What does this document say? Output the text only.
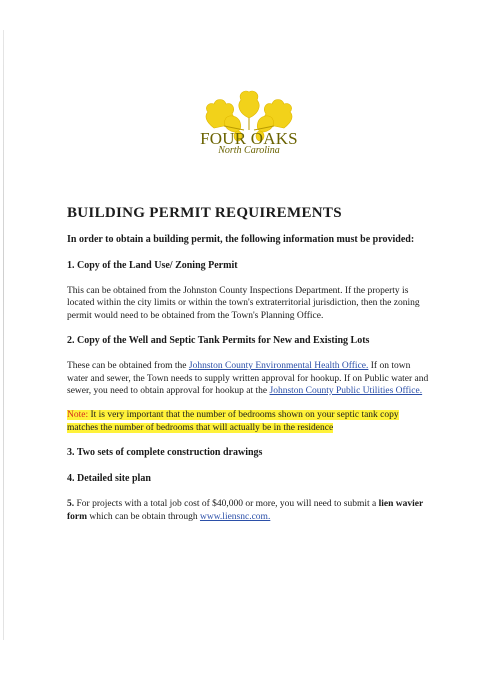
FOUR OAKS
North Carolina
BUILDING PERMIT REQUIREMENTS
In order to obtain a building permit, the following information must be provided:
1. Copy of the Land Use/ Zoning Permit
This can be obtained from the Johnston County Inspections Department. If the property is located within the city limits or within the town's extraterritorial jurisdiction, then the zoning permit would need to be obtained from the Town's Planning Office.
2. Copy of the Well and Septic Tank Permits for New and Existing Lots
These can be obtained from the Johnston County Environmental Health Office. If on town water and sewer, the Town needs to supply written approval for hookup. If on Public water and sewer, you need to obtain approval for hookup at the Johnston County Public Utilities Office.
Note: It is very important that the number of bedrooms shown on your septic tank copy matches the number of bedrooms that will actually be in the residence
3. Two sets of complete construction drawings
4. Detailed site plan
5. For projects with a total job cost of $40,000 or more, you will need to submit a lien wavier form which can be obtain through www.liensnc.com.
